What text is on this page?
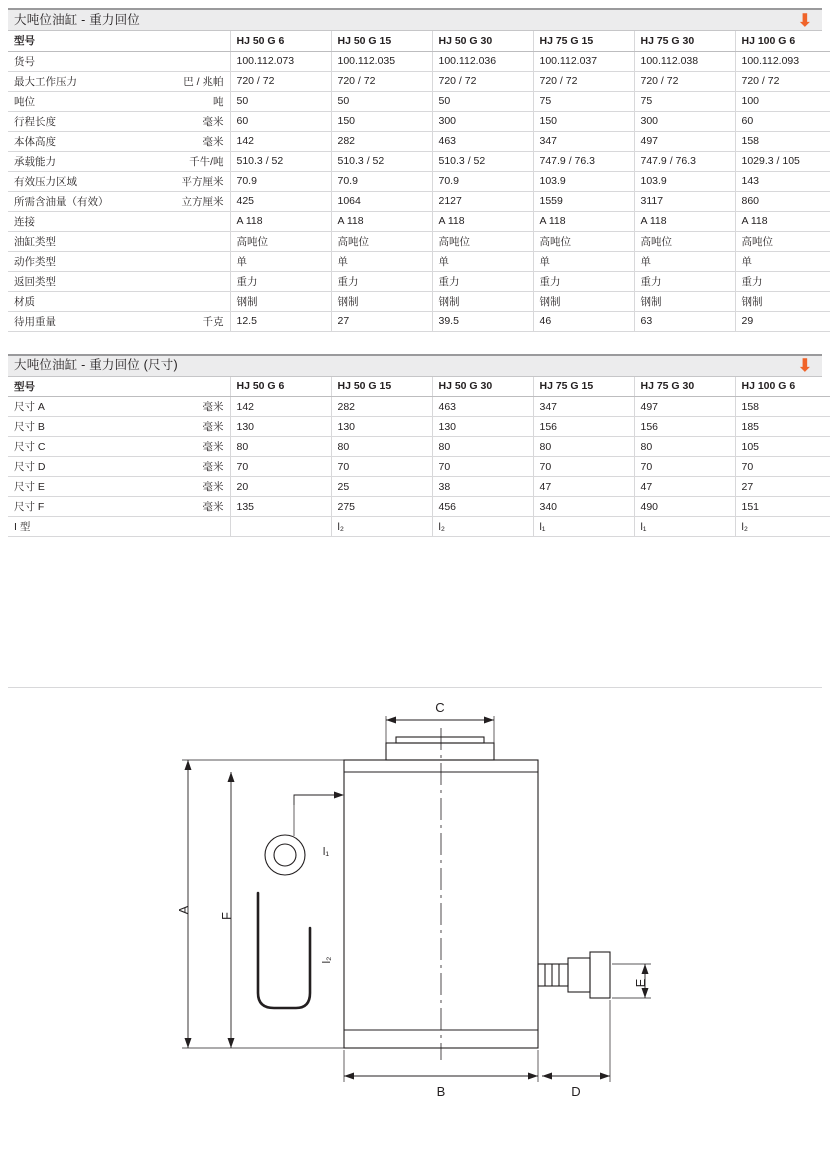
大吨位油缸 - 重力回位	⬇
型号	HJ 50 G 6	HJ 50 G 15	HJ 50 G 30	HJ 75 G 15	HJ 75 G 30	HJ 100 G 6

货号	100.112.073	100.112.035	100.112.036	100.112.037	100.112.038	100.112.093

最大工作压力 巴 / 兆帕	720 / 72	720 / 72	720 / 72	720 / 72	720 / 72	720 / 72

吨位 吨	50	50	50	75	75	100

行程长度 毫米	60	150	300	150	300	60

本体高度 毫米	142	282	463	347	497	158

承载能力 千牛/吨	510.3 / 52	510.3 / 52	510.3 / 52	747.9 / 76.3	747.9 / 76.3	1029.3 / 105

有效压力区域 平方厘米	70.9	70.9	70.9	103.9	103.9	143

所需含油量（有效） 立方厘米	425	1064	2127	1559	3117	860

连接	A 118	A 118	A 118	A 118	A 118	A 118

油缸类型	高吨位	高吨位	高吨位	高吨位	高吨位	高吨位

动作类型	单	单	单	单	单	单

返回类型	重力	重力	重力	重力	重力	重力

材质	钢制	钢制	钢制	钢制	钢制	钢制

待用重量 千克	12.5	27	39.5	46	63	29
大吨位油缸 - 重力回位 (尺寸)	⬇
型号	HJ 50 G 6	HJ 50 G 15	HJ 50 G 30	HJ 75 G 15	HJ 75 G 30	HJ 100 G 6

尺寸 A 毫米	142	282	463	347	497	158

尺寸 B 毫米	130	130	130	156	156	185

尺寸 C 毫米	80	80	80	80	80	105

尺寸 D 毫米	70	70	70	70	70	70

尺寸 E 毫米	20	25	38	47	47	27

尺寸 F 毫米	135	275	456	340	490	151

I 型		l₂	l₂	l₁	l₁	l₂
A
F
C
B	D
E
l₁
l₂
